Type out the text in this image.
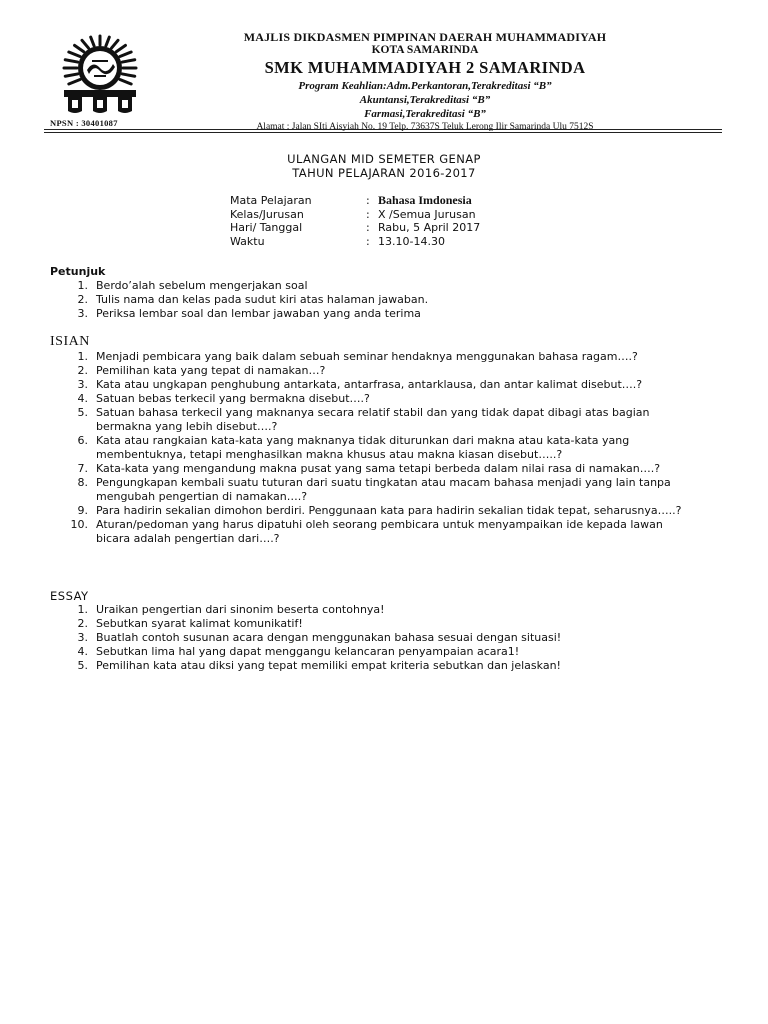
NPSN : 30401087
MAJLIS DIKDASMEN PIMPINAN DAERAH MUHAMMADIYAH
KOTA SAMARINDA
SMK MUHAMMADIYAH 2 SAMARINDA
Program Keahlian:Adm.Perkantoran,Terakreditasi “B”
Akuntansi,Terakreditasi “B”
Farmasi,Terakreditasi “B”
Alamat : Jalan SIti Aisyiah No. 19 Telp. 73637S Teluk Lerong Ilir Samarinda Ulu 7512S
ULANGAN MID SEMETER GENAP
TAHUN PELAJARAN 2016-2017
Mata Pelajaran	: Bahasa Imdonesia
Kelas/Jurusan	: X /Semua Jurusan
Hari/ Tanggal	: Rabu, 5 April 2017
Waktu	: 13.10-14.30
Petunjuk
1. Berdo’alah sebelum mengerjakan soal
2. Tulis nama dan kelas pada sudut kiri atas halaman jawaban.
3. Periksa lembar soal dan lembar jawaban yang anda terima
ISIAN
1. Menjadi pembicara yang baik dalam sebuah seminar hendaknya menggunakan bahasa ragam….?
2. Pemilihan kata yang tepat di namakan…?
3. Kata atau ungkapan penghubung antarkata, antarfrasa, antarklausa, dan antar kalimat disebut….?
4. Satuan bebas terkecil yang bermakna disebut….?
5. Satuan bahasa terkecil yang maknanya secara relatif stabil dan yang tidak dapat dibagi atas bagian bermakna yang lebih disebut….?
6. Kata atau rangkaian kata-kata yang maknanya tidak diturunkan dari makna atau kata-kata yang membentuknya, tetapi menghasilkan makna khusus atau makna kiasan disebut…..?
7. Kata-kata yang mengandung makna pusat yang sama tetapi berbeda dalam nilai rasa di namakan….?
8. Pengungkapan kembali suatu tuturan dari suatu tingkatan atau macam bahasa menjadi yang lain tanpa mengubah pengertian di namakan….?
9. Para hadirin sekalian dimohon berdiri. Penggunaan kata para hadirin sekalian tidak tepat, seharusnya…..?
10. Aturan/pedoman yang harus dipatuhi oleh seorang pembicara untuk menyampaikan ide kepada lawan bicara adalah pengertian dari….?
ESSAY
1. Uraikan pengertian dari sinonim beserta contohnya!
2. Sebutkan syarat kalimat komunikatif!
3. Buatlah contoh susunan acara dengan menggunakan bahasa sesuai dengan situasi!
4. Sebutkan lima hal yang dapat menggangu kelancaran penyampaian acara1!
5. Pemilihan kata atau diksi yang tepat memiliki empat kriteria sebutkan dan jelaskan!
